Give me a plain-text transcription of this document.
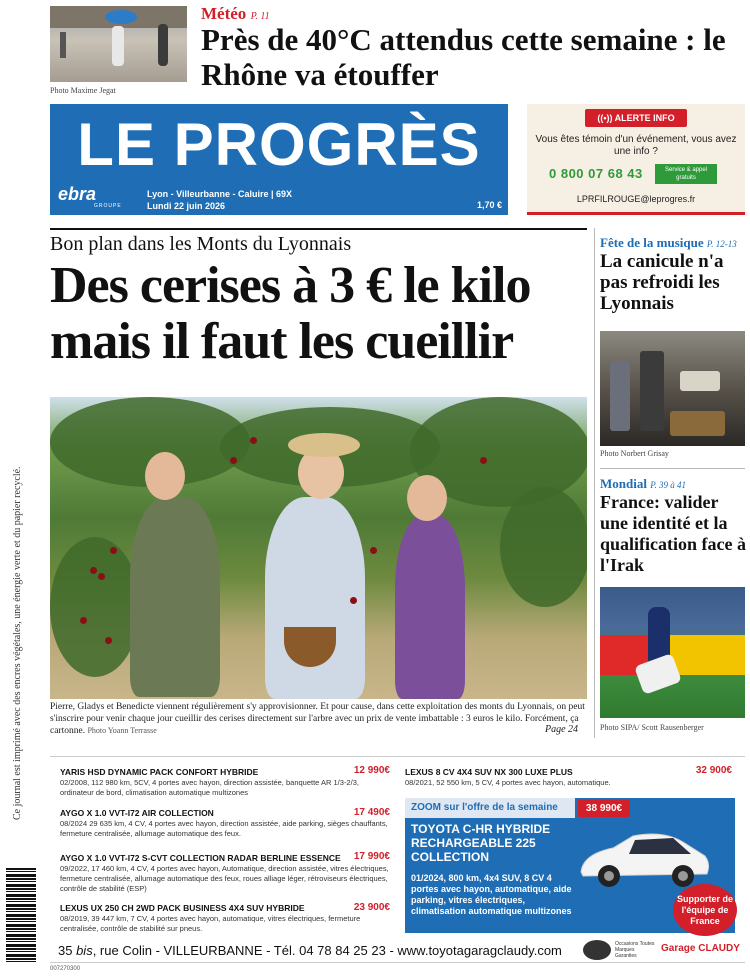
Photo Maxime Jegat
Météo P. 11
Près de 40°C attendus cette semaine : le Rhône va étouffer
LE PROGRÈS
ebra
GROUPE
Lyon - Villeurbanne - Caluire | 69X
Lundi 22 juin 2026	1,70 €
((•)) ALERTE INFO
Vous êtes témoin d'un événement, vous avez une info ?
0 800 07 68 43	Service & appel gratuits
LPRFILROUGE@leprogres.fr
Bon plan dans les Monts du Lyonnais
Des cerises à 3 € le kilo mais il faut les cueillir
Pierre, Gladys et Benedicte viennent régulièrement s'y approvisionner. Et pour cause, dans cette exploitation des monts du Lyonnais, on peut s'inscrire pour venir chaque jour cueillir des cerises directement sur l'arbre avec un prix de vente imbattable : 3 euros le kilo. Forcément, ça cartonne. Photo Yoann Terrasse	Page 24
Fête de la musique P. 12-13
La canicule n'a pas refroidi les Lyonnais
Photo Norbert Grisay
Mondial P. 39 à 41
France: valider une identité et la qualification face à l'Irak
Photo SIPA/ Scott Rausenberger
Ce journal est imprimé avec des encres végétales, une énergie verte et du papier recyclé.	YARIS HSD DYNAMIC PACK CONFORT HYBRIDE
02/2008, 112 980 km, 5CV, 4 portes avec hayon, direction assistée, banquette AR 1/3-2/3, ordinateur de bord, climatisation automatique multizones
12 990€
AYGO X 1.0 VVT-I72 AIR COLLECTION
08/2024 29 635 km, 4 CV, 4 portes avec hayon, direction assistée, aide parking, sièges chauffants, fermeture centralisée, allumage automatique des feux.
17 490€
AYGO X 1.0 VVT-I72 S-CVT COLLECTION RADAR BERLINE ESSENCE
09/2022, 17 460 km, 4 CV, 4 portes avec hayon, Automatique, direction assistée, vitres électriques, fermeture centralisée, allumage automatique des feux, roues alliage léger, rétroviseurs électriques, contrôle de stabilité (ESP)
17 990€
LEXUS UX 250 CH 2WD PACK BUSINESS 4X4 SUV HYBRIDE
08/2019, 39 447 km, 7 CV, 4 portes avec hayon, automatique, vitres électriques, fermeture centralisée, contrôle de stabilité sur pneus.
23 900€
LEXUS 8 CV 4X4 SUV NX 300 LUXE PLUS
08/2021, 52 550 km, 5 CV, 4 portes avec hayon, automatique.
32 900€
ZOOM sur l'offre de la semaine	38 990€
TOYOTA C-HR HYBRIDE RECHARGEABLE 225 COLLECTION
01/2024, 800 km, 4x4 SUV, 8 CV 4 portes avec hayon, automatique, aide parking, vitres électriques, climatisation automatique multizones
Supporter de l'équipe de France
35 bis, rue Colin - VILLEURBANNE - Tél. 04 78 84 25 23 - www.toyotagaragclaudy.com	Occasions Toutes Marques Garanties
Garage CLAUDY
007270300
